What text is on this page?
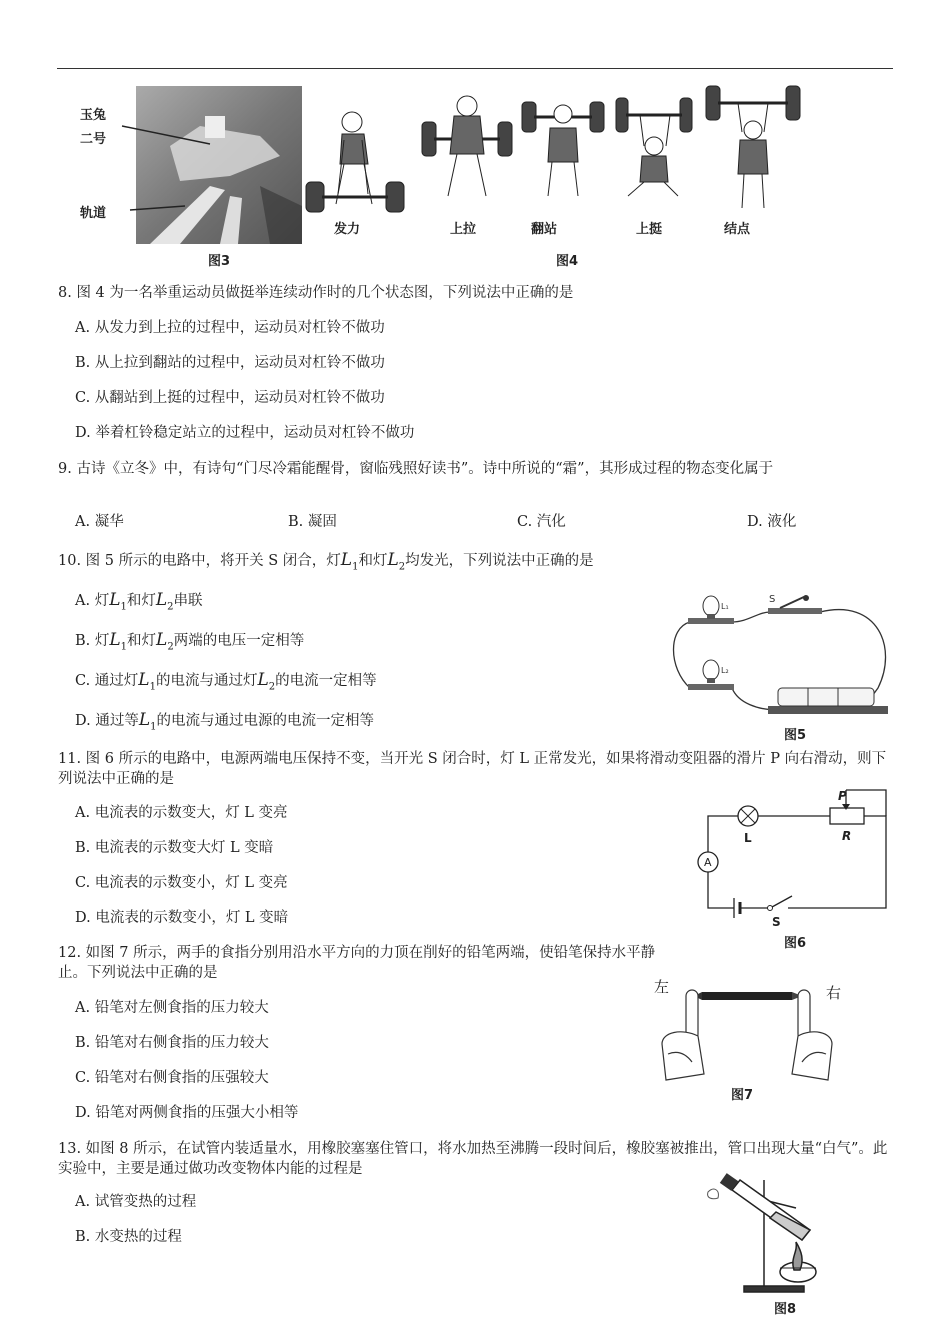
玉兔
二号
轨道
图3
发力	上拉	翻站	上挺	结点
图4
8. 图 4 为一名举重运动员做挺举连续动作时的几个状态图，下列说法中正确的是
A. 从发力到上拉的过程中，运动员对杠铃不做功
B. 从上拉到翻站的过程中，运动员对杠铃不做功
C. 从翻站到上挺的过程中，运动员对杠铃不做功
D. 举着杠铃稳定站立的过程中，运动员对杠铃不做功
9. 古诗《立冬》中，有诗句“门尽冷霜能醒骨，窗临残照好读书”。诗中所说的“霜”，其形成过程的物态变化属于
A. 凝华	B. 凝固	C. 汽化	D. 液化
10. 图 5 所示的电路中，将开关 S 闭合，灯$L_1$和灯$L_2$均发光，下列说法中正确的是
A. 灯$L_1$和灯$L_2$串联
B. 灯$L_1$和灯$L_2$两端的电压一定相等
C. 通过灯$L_1$的电流与通过灯$L_2$的电流一定相等
D. 通过等$L_1$的电流与通过电源的电流一定相等
S
L₁
L₂
图5
11. 图 6 所示的电路中，电源两端电压保持不变，当开光 S 闭合时，灯 L 正常发光，如果将滑动变阻器的滑片 P 向右滑动，则下列说法中正确的是
A. 电流表的示数变大，灯 L 变亮
B. 电流表的示数变大灯 L 变暗
C. 电流表的示数变小，灯 L 变亮
D. 电流表的示数变小，灯 L 变暗
A
P
R
L
S
图6
12. 如图 7 所示，两手的食指分别用沿水平方向的力顶在削好的铅笔两端，使铅笔保持水平静止。下列说法中正确的是
A. 铅笔对左侧食指的压力较大
B. 铅笔对右侧食指的压力较大
C. 铅笔对右侧食指的压强较大
D. 铅笔对两侧食指的压强大小相等
左	右
图7
13. 如图 8 所示，在试管内装适量水，用橡胶塞塞住管口，将水加热至沸腾一段时间后，橡胶塞被推出，管口出现大量“白气”。此实验中，主要是通过做功改变物体内能的过程是
A. 试管变热的过程
B. 水变热的过程
图8
